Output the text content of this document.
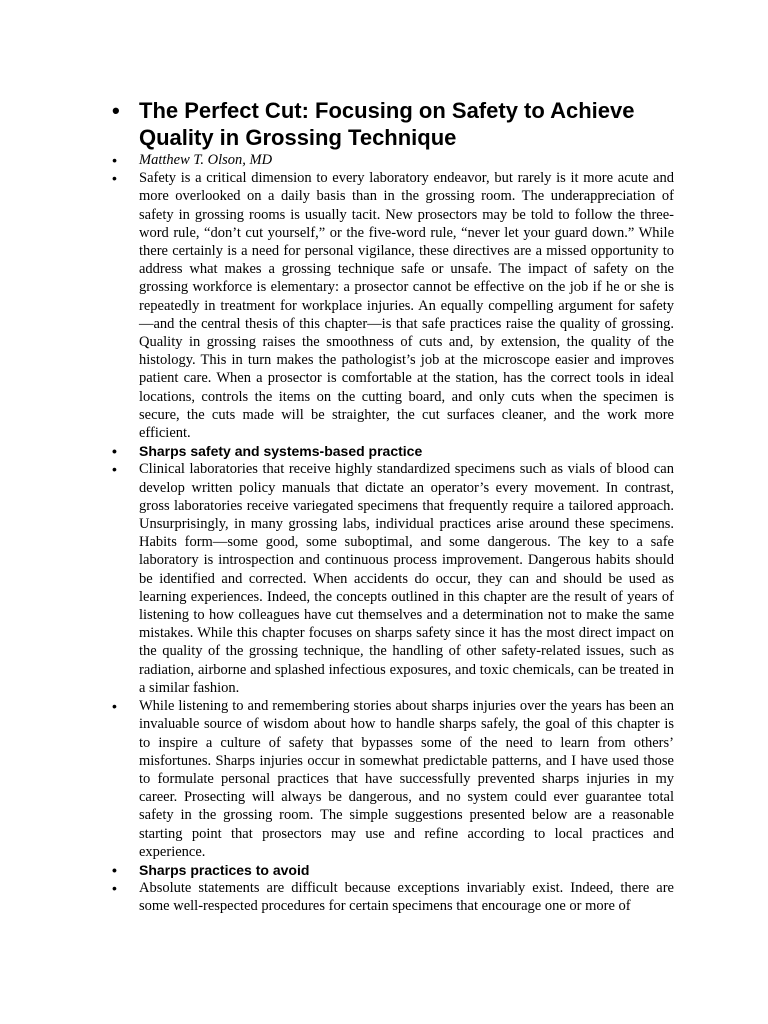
• The Perfect Cut: Focusing on Safety to Achieve Quality in Grossing Technique
• Matthew T. Olson, MD
• Safety is a critical dimension to every laboratory endeavor, but rarely is it more acute and more overlooked on a daily basis than in the grossing room. The underappreciation of safety in grossing rooms is usually tacit. New prosectors may be told to follow the three-word rule, “don’t cut yourself,” or the five-word rule, “never let your guard down.” While there certainly is a need for personal vigilance, these directives are a missed opportunity to address what makes a grossing technique safe or unsafe. The impact of safety on the grossing workforce is elementary: a prosector cannot be effective on the job if he or she is repeatedly in treatment for workplace injuries. An equally compelling argument for safety—and the central thesis of this chapter—is that safe practices raise the quality of grossing. Quality in grossing raises the smoothness of cuts and, by extension, the quality of the histology. This in turn makes the pathologist’s job at the microscope easier and improves patient care. When a prosector is comfortable at the station, has the correct tools in ideal locations, controls the items on the cutting board, and only cuts when the specimen is secure, the cuts made will be straighter, the cut surfaces cleaner, and the work more efficient.
• Sharps safety and systems-based practice
• Clinical laboratories that receive highly standardized specimens such as vials of blood can develop written policy manuals that dictate an operator’s every movement. In contrast, gross laboratories receive variegated specimens that frequently require a tailored approach. Unsurprisingly, in many grossing labs, individual practices arise around these specimens. Habits form—some good, some suboptimal, and some dangerous. The key to a safe laboratory is introspection and continuous process improvement. Dangerous habits should be identified and corrected. When accidents do occur, they can and should be used as learning experiences. Indeed, the concepts outlined in this chapter are the result of years of listening to how colleagues have cut themselves and a determination not to make the same mistakes. While this chapter focuses on sharps safety since it has the most direct impact on the quality of the grossing technique, the handling of other safety-related issues, such as radiation, airborne and splashed infectious exposures, and toxic chemicals, can be treated in a similar fashion.
• While listening to and remembering stories about sharps injuries over the years has been an invaluable source of wisdom about how to handle sharps safely, the goal of this chapter is to inspire a culture of safety that bypasses some of the need to learn from others’ misfortunes. Sharps injuries occur in somewhat predictable patterns, and I have used those to formulate personal practices that have successfully prevented sharps injuries in my career. Prosecting will always be dangerous, and no system could ever guarantee total safety in the grossing room. The simple suggestions presented below are a reasonable starting point that prosectors may use and refine according to local practices and experience.
• Sharps practices to avoid
• Absolute statements are difficult because exceptions invariably exist. Indeed, there are some well-respected procedures for certain specimens that encourage one or more of
